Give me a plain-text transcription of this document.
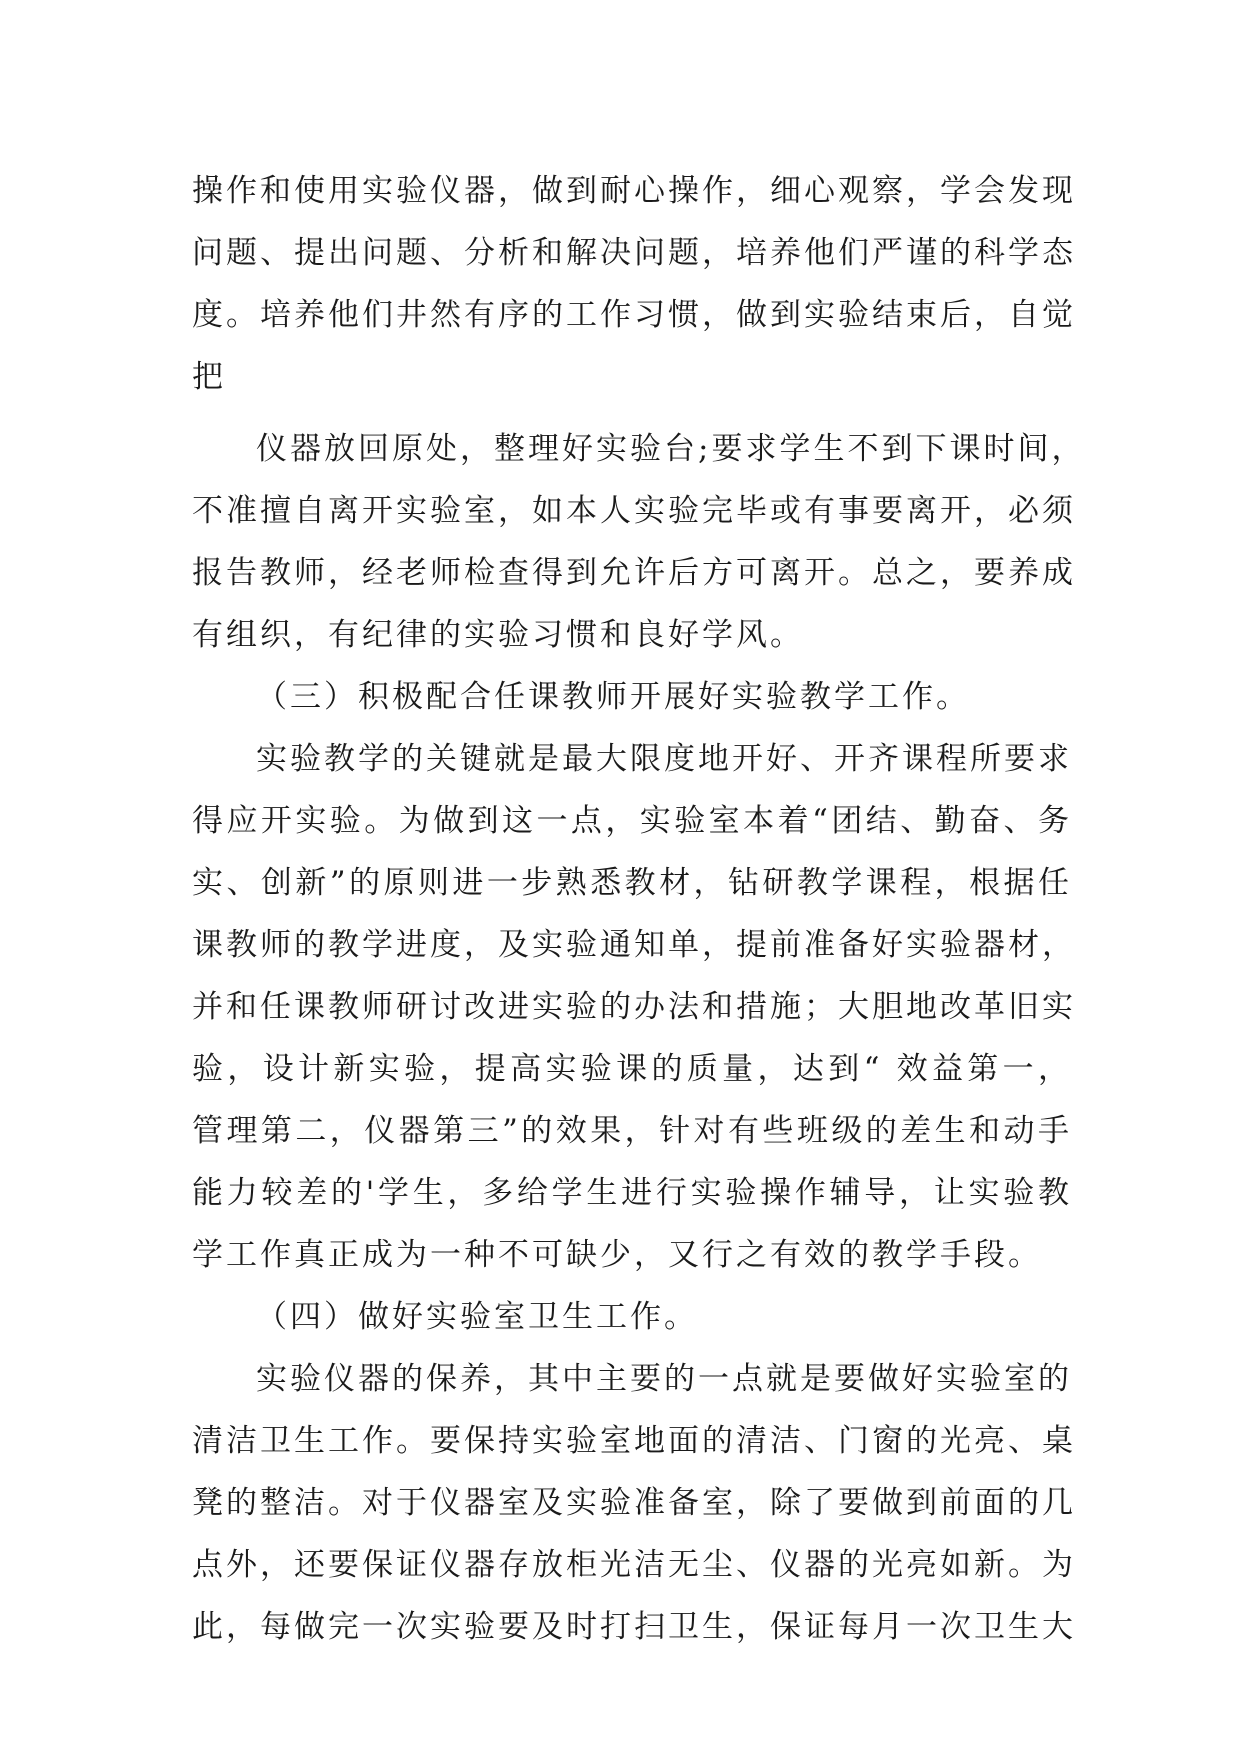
操作和使用实验仪器，做到耐心操作，细心观察，学会发现
问题、提出问题、分析和解决问题，培养他们严谨的科学态
度。培养他们井然有序的工作习惯，做到实验结束后，自觉
把
仪器放回原处，整理好实验台;要求学生不到下课时间，
不准擅自离开实验室，如本人实验完毕或有事要离开，必须
报告教师，经老师检查得到允许后方可离开。总之，要养成
有组织，有纪律的实验习惯和良好学风。
（三）积极配合任课教师开展好实验教学工作。
实验教学的关键就是最大限度地开好、开齐课程所要求
得应开实验。为做到这一点，实验室本着“团结、勤奋、务
实、创新”的原则进一步熟悉教材，钻研教学课程，根据任
课教师的教学进度，及实验通知单，提前准备好实验器材，
并和任课教师研讨改进实验的办法和措施；大胆地改革旧实
验，设计新实验，提高实验课的质量，达到“ 效益第一，
管理第二，仪器第三”的效果，针对有些班级的差生和动手
能力较差的'学生，多给学生进行实验操作辅导，让实验教
学工作真正成为一种不可缺少，又行之有效的教学手段。
（四）做好实验室卫生工作。
实验仪器的保养，其中主要的一点就是要做好实验室的
清洁卫生工作。要保持实验室地面的清洁、门窗的光亮、桌
凳的整洁。对于仪器室及实验准备室，除了要做到前面的几
点外，还要保证仪器存放柜光洁无尘、仪器的光亮如新。为
此，每做完一次实验要及时打扫卫生，保证每月一次卫生大
